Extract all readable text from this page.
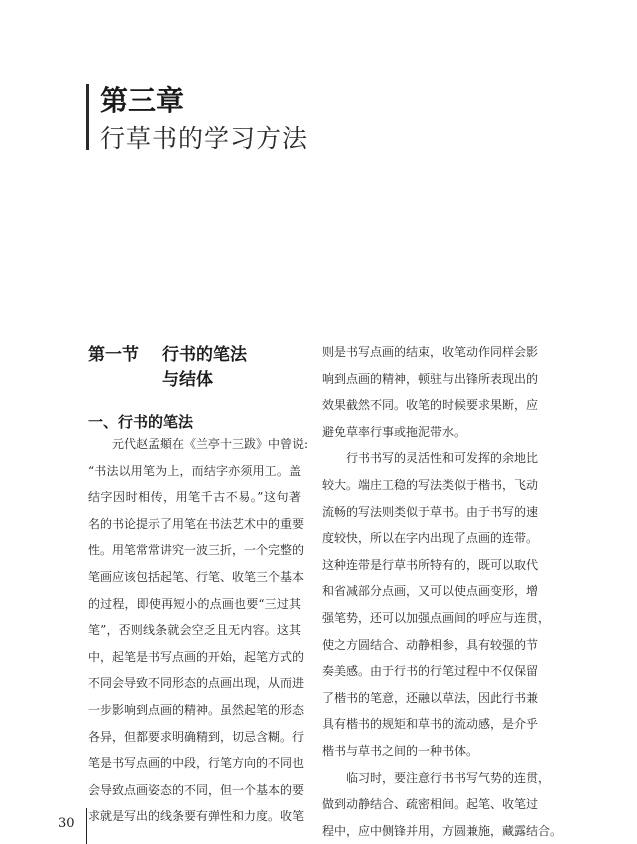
第三章
行草书的学习方法
第一节 行书的笔法
与结体
一、行书的笔法
元代赵孟頫在《兰亭十三跋》中曾说:
“书法以用笔为上，而结字亦须用工。盖
结字因时相传，用笔千古不易。”这句著
名的书论提示了用笔在书法艺术中的重要
性。用笔常常讲究一波三折，一个完整的
笔画应该包括起笔、行笔、收笔三个基本
的过程，即使再短小的点画也要“三过其
笔”，否则线条就会空乏且无内容。这其
中，起笔是书写点画的开始，起笔方式的
不同会导致不同形态的点画出现，从而进
一步影响到点画的精神。虽然起笔的形态
各异，但都要求明确精到，切忌含糊。行
笔是书写点画的中段，行笔方向的不同也
会导致点画姿态的不同，但一个基本的要
求就是写出的线条要有弹性和力度。收笔
则是书写点画的结束，收笔动作同样会影
响到点画的精神，顿驻与出锋所表现出的
效果截然不同。收笔的时候要求果断，应
避免草率行事或拖泥带水。
行书书写的灵活性和可发挥的余地比
较大。端庄工稳的写法类似于楷书，飞动
流畅的写法则类似于草书。由于书写的速
度较快，所以在字内出现了点画的连带。
这种连带是行草书所特有的，既可以取代
和省减部分点画，又可以使点画变形，增
强笔势，还可以加强点画间的呼应与连贯，
使之方圆结合、动静相参，具有较强的节
奏美感。由于行书的行笔过程中不仅保留
了楷书的笔意，还融以草法，因此行书兼
具有楷书的规矩和草书的流动感，是介乎
楷书与草书之间的一种书体。
临习时，要注意行书书写气势的连贯，
做到动静结合、疏密相间。起笔、收笔过
程中，应中侧锋并用，方圆兼施，藏露结合。
30
